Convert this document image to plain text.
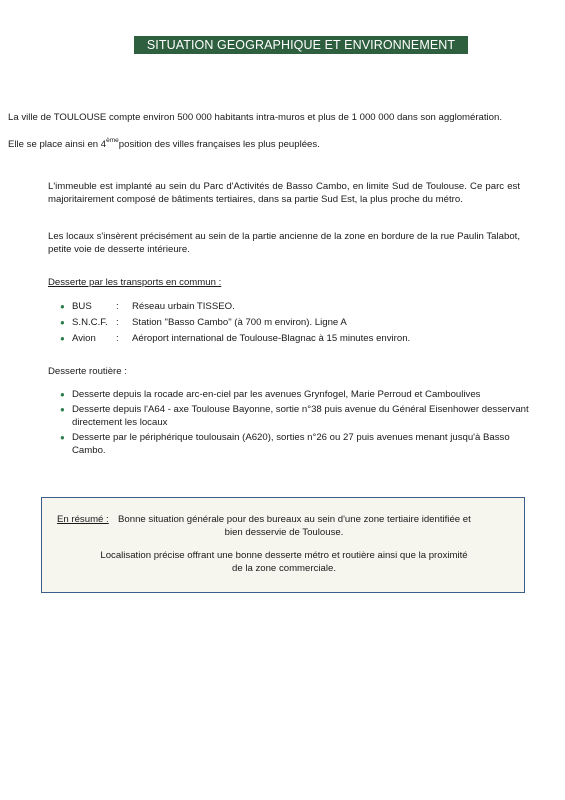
SITUATION GEOGRAPHIQUE ET ENVIRONNEMENT
La ville de TOULOUSE compte environ 500 000 habitants intra-muros et plus de 1 000 000 dans son agglomération.
Elle se place ainsi en 4èmeposition des villes françaises les plus peuplées.
L'immeuble est implanté au sein du Parc d'Activités de Basso Cambo, en limite Sud de Toulouse. Ce parc est majoritairement composé de bâtiments tertiaires, dans sa partie Sud Est, la plus proche du métro.
Les locaux s'insèrent précisément au sein de la partie ancienne de la zone en bordure de la rue Paulin Talabot, petite voie de desserte intérieure.
Desserte par les transports en commun :
● BUS	: Réseau urbain TISSEO.
● S.N.C.F. : Station "Basso Cambo" (à 700 m environ). Ligne A
● Avion : Aéroport international de Toulouse-Blagnac à 15 minutes environ.
Desserte routière :
● Desserte depuis la rocade arc-en-ciel par les avenues Grynfogel, Marie Perroud et Camboulives
● Desserte depuis l'A64 - axe Toulouse Bayonne, sortie n°38 puis avenue du Général Eisenhower desservant directement les locaux
● Desserte par le périphérique toulousain (A620), sorties n°26 ou 27 puis avenues menant jusqu'à Basso Cambo.
En résumé : Bonne situation générale pour des bureaux au sein d'une zone tertiaire identifiée et
bien desservie de Toulouse.
Localisation précise offrant une bonne desserte métro et routière ainsi que la proximité
de la zone commerciale.
